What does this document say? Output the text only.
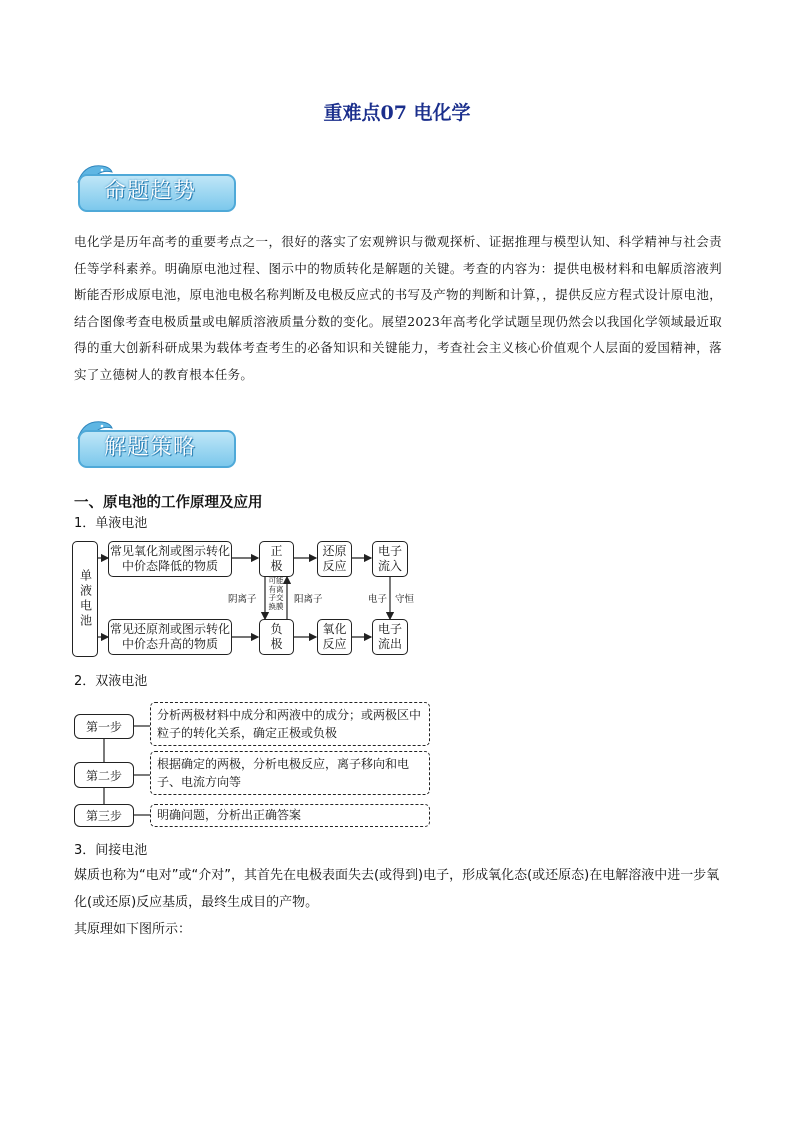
重难点07 电化学
命题趋势
电化学是历年高考的重要考点之一，很好的落实了宏观辨识与微观探析、证据推理与模型认知、科学精神与社会责任等学科素养。明确原电池过程、图示中的物质转化是解题的关键。考查的内容为：提供电极材料和电解质溶液判断能否形成原电池，原电池电极名称判断及电极反应式的书写及产物的判断和计算，，提供反应方程式设计原电池，结合图像考查电极质量或电解质溶液质量分数的变化。展望2023年高考化学试题呈现仍然会以我国化学领域最近取得的重大创新科研成果为载体考查考生的必备知识和关键能力，考查社会主义核心价值观个人层面的爱国精神，落实了立德树人的教育根本任务。
解题策略
一、原电池的工作原理及应用
1．单液电池
单液电池
常见氧化剂或图示转化中价态降低的物质
常见还原剂或图示转化中价态升高的物质
正极
负极
还原反应
氧化反应
电子流入
电子流出
阴离子	阳离子
可能有离子交换膜
电子 守恒
2．双液电池
第一步
第二步
第三步
分析两极材料中成分和两液中的成分；或两极区中粒子的转化关系，确定正极或负极
根据确定的两极，分析电极反应，离子移向和电子、电流方向等
明确问题，分析出正确答案
3．间接电池
媒质也称为“电对”或“介对”，其首先在电极表面失去(或得到)电子，形成氧化态(或还原态)在电解溶液中进一步氧化(或还原)反应基质，最终生成目的产物。
其原理如下图所示：
